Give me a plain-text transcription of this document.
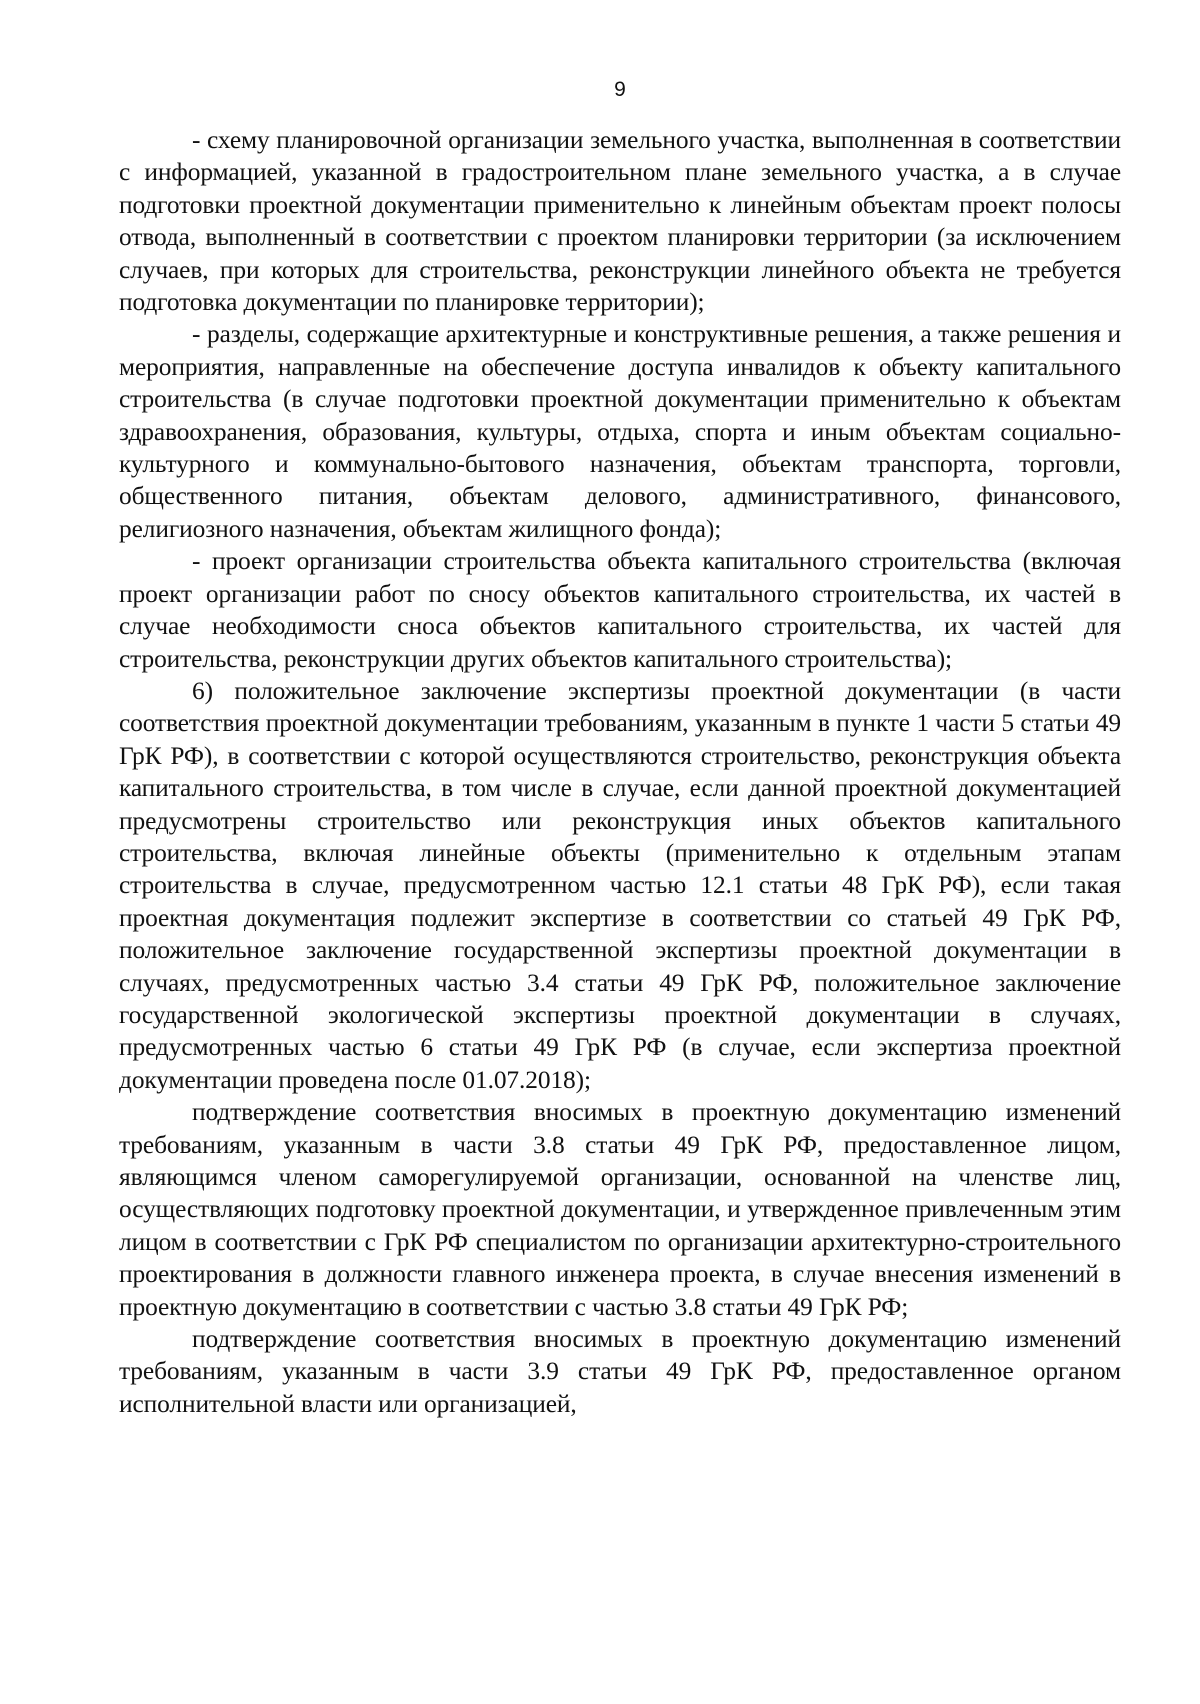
9

- схему планировочной организации земельного участка, выполненная в соответствии с информацией, указанной в градостроительном плане земельного участка, а в случае подготовки проектной документации применительно к линейным объектам проект полосы отвода, выполненный в соответствии с проектом планировки территории (за исключением случаев, при которых для строительства, реконструкции линейного объекта не требуется подготовка документации по планировке территории);

- разделы, содержащие архитектурные и конструктивные решения, а также решения и мероприятия, направленные на обеспечение доступа инвалидов к объекту капитального строительства (в случае подготовки проектной документации применительно к объектам здравоохранения, образования, культуры, отдыха, спорта и иным объектам социально-культурного и коммунально-бытового назначения, объектам транспорта, торговли, общественного питания, объектам делового, административного, финансового, религиозного назначения, объектам жилищного фонда);

- проект организации строительства объекта капитального строительства (включая проект организации работ по сносу объектов капитального строительства, их частей в случае необходимости сноса объектов капитального строительства, их частей для строительства, реконструкции других объектов капитального строительства);

6) положительное заключение экспертизы проектной документации (в части соответствия проектной документации требованиям, указанным в пункте 1 части 5 статьи 49 ГрК РФ), в соответствии с которой осуществляются строительство, реконструкция объекта капитального строительства, в том числе в случае, если данной проектной документацией предусмотрены строительство или реконструкция иных объектов капитального строительства, включая линейные объекты (применительно к отдельным этапам строительства в случае, предусмотренном частью 12.1 статьи 48 ГрК РФ), если такая проектная документация подлежит экспертизе в соответствии со статьей 49 ГрК РФ, положительное заключение государственной экспертизы проектной документации в случаях, предусмотренных частью 3.4 статьи 49 ГрК РФ, положительное заключение государственной экологической экспертизы проектной документации в случаях, предусмотренных частью 6 статьи 49 ГрК РФ (в случае, если экспертиза проектной документации проведена после 01.07.2018);

подтверждение соответствия вносимых в проектную документацию изменений требованиям, указанным в части 3.8 статьи 49 ГрК РФ, предоставленное лицом, являющимся членом саморегулируемой организации, основанной на членстве лиц, осуществляющих подготовку проектной документации, и утвержденное привлеченным этим лицом в соответствии с ГрК РФ специалистом по организации архитектурно-строительного проектирования в должности главного инженера проекта, в случае внесения изменений в проектную документацию в соответствии с частью 3.8 статьи 49 ГрК РФ;

подтверждение соответствия вносимых в проектную документацию изменений требованиям, указанным в части 3.9 статьи 49 ГрК РФ, предоставленное органом исполнительной власти или организацией,
